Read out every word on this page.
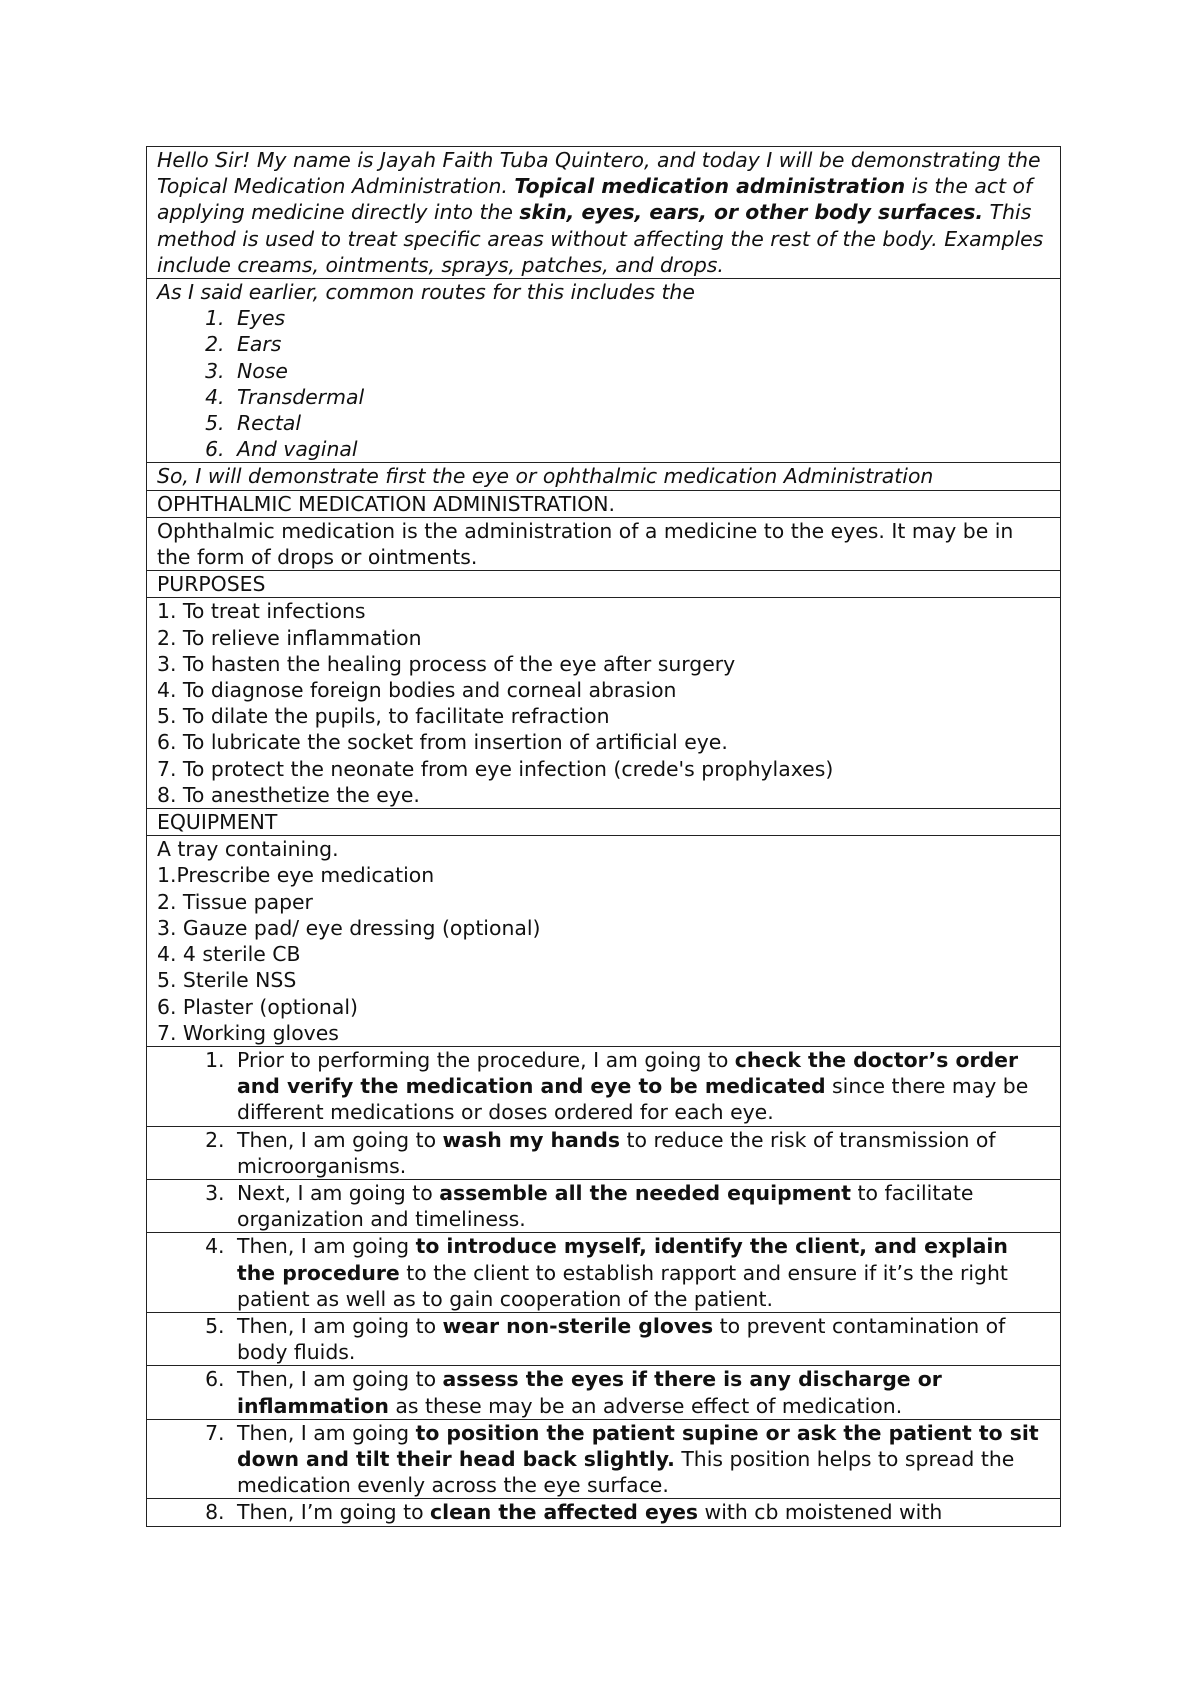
Hello Sir! My name is Jayah Faith Tuba Quintero, and today I will be demonstrating the Topical Medication Administration. Topical medication administration is the act of applying medicine directly into the skin, eyes, ears, or other body surfaces. This method is used to treat specific areas without affecting the rest of the body. Examples include creams, ointments, sprays, patches, and drops.

As I said earlier, common routes for this includes the
1. Eyes
2. Ears
3. Nose
4. Transdermal
5. Rectal
6. And vaginal

So, I will demonstrate first the eye or ophthalmic medication Administration
OPHTHALMIC MEDICATION ADMINISTRATION.
Ophthalmic medication is the administration of a medicine to the eyes. It may be in the form of drops or ointments.
PURPOSES

1. To treat infections
2. To relieve inflammation
3. To hasten the healing process of the eye after surgery
4. To diagnose foreign bodies and corneal abrasion
5. To dilate the pupils, to facilitate refraction
6. To lubricate the socket from insertion of artificial eye.
7. To protect the neonate from eye infection (crede's prophylaxes)
8. To anesthetize the eye.

EQUIPMENT

A tray containing.
1.Prescribe eye medication
2. Tissue paper
3. Gauze pad/ eye dressing (optional)
4. 4 sterile CB
5. Sterile NSS
6. Plaster (optional)
7. Working gloves

1. Prior to performing the procedure, I am going to check the doctor’s order and verify the medication and eye to be medicated since there may be different medications or doses ordered for each eye.

2. Then, I am going to wash my hands to reduce the risk of transmission of microorganisms.

3. Next, I am going to assemble all the needed equipment to facilitate organization and timeliness.

4. Then, I am going to introduce myself, identify the client, and explain the procedure to the client to establish rapport and ensure if it’s the right patient as well as to gain cooperation of the patient.

5. Then, I am going to wear non-sterile gloves to prevent contamination of body fluids.

6. Then, I am going to assess the eyes if there is any discharge or inflammation as these may be an adverse effect of medication.

7. Then, I am going to position the patient supine or ask the patient to sit down and tilt their head back slightly. This position helps to spread the medication evenly across the eye surface.

8. Then, I’m going to clean the affected eyes with cb moistened with
